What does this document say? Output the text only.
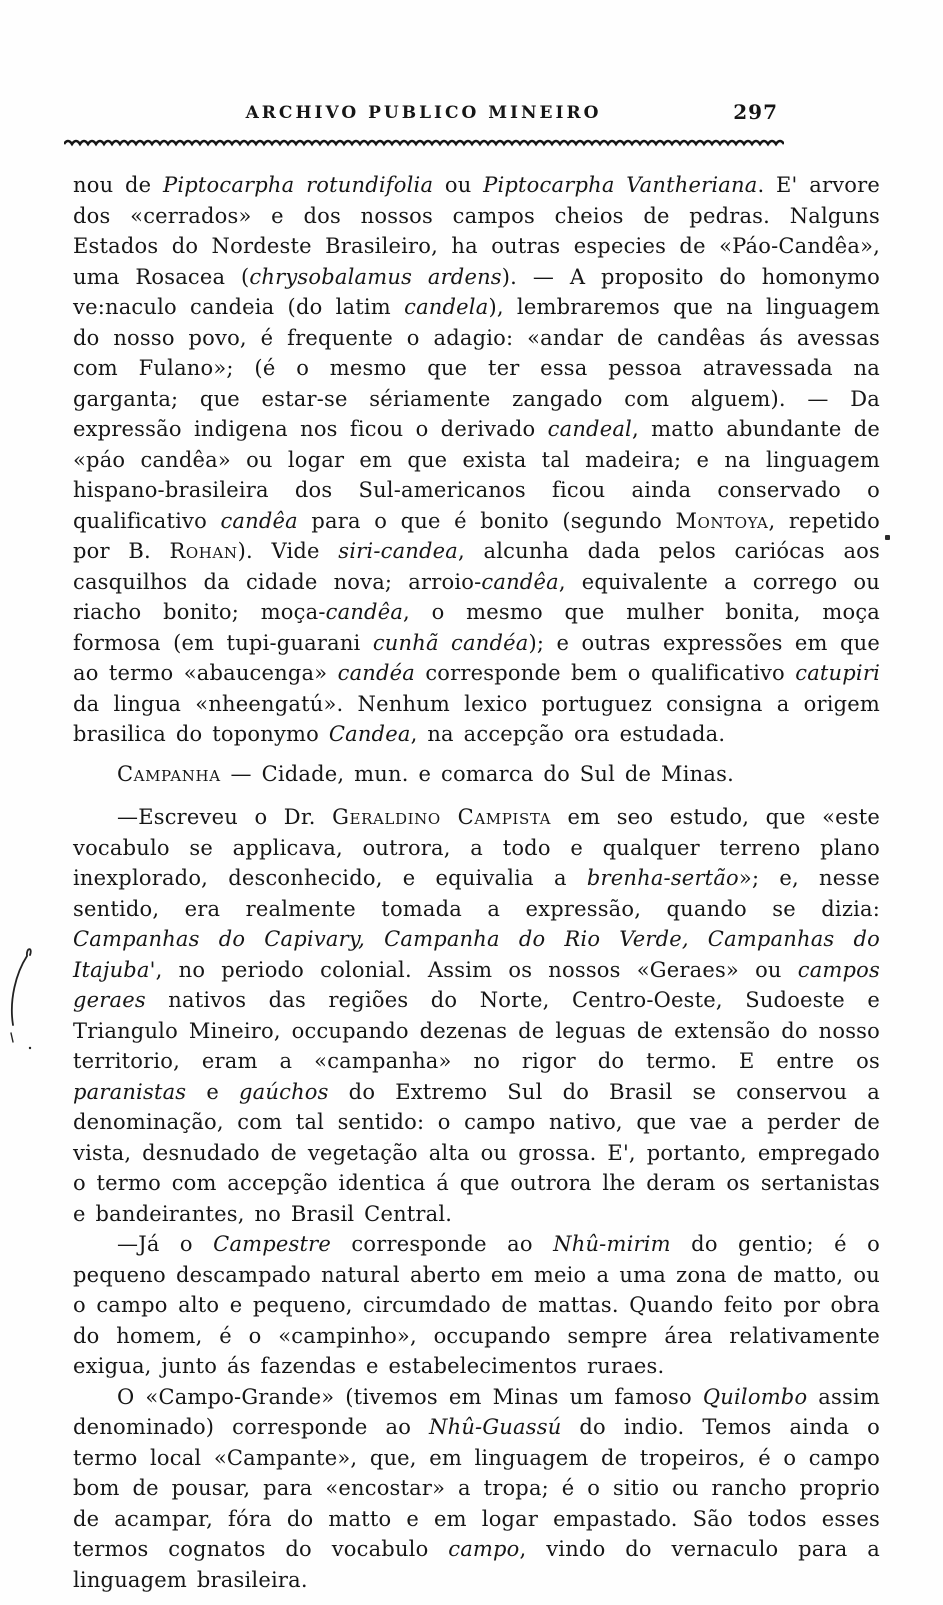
ARCHIVO PUBLICO MINEIRO	297

nou de Piptocarpha rotundifolia ou Piptocarpha Vantheriana. E' arvore dos «cerrados» e dos nossos campos cheios de pedras. Nalguns Estados do Nordeste Brasileiro, ha outras especies de «Páo-Candêa», uma Rosacea (chrysobalamus ardens). — A proposito do homonymo ve:naculo candeia (do latim candela), lembraremos que na linguagem do nosso povo, é frequente o adagio: «andar de candêas ás avessas com Fulano»; (é o mesmo que ter essa pessoa atravessada na garganta; que estar-se sériamente zangado com alguem). — Da expressão indigena nos ficou o derivado candeal, matto abundante de «páo candêa» ou logar em que exista tal madeira; e na linguagem hispano-brasileira dos Sul-americanos ficou ainda conservado o qualificativo candêa para o que é bonito (segundo Montoya, repetido por B. Rohan). Vide siri-candea, alcunha dada pelos cariócas aos casquilhos da cidade nova; arroio-candêa, equivalente a corrego ou riacho bonito; moça-candêa, o mesmo que mulher bonita, moça formosa (em tupi-guarani cunhã candéa); e outras expressões em que ao termo «abaucenga» candéa corresponde bem o qualificativo catupiri da lingua «nheengatú». Nenhum lexico portuguez consigna a origem brasilica do toponymo Candea, na accepção ora estudada.

Campanha — Cidade, mun. e comarca do Sul de Minas.

—Escreveu o Dr. Geraldino Campista em seo estudo, que «este vocabulo se applicava, outrora, a todo e qualquer terreno plano inexplorado, desconhecido, e equivalia a brenha-sertão»; e, nesse sentido, era realmente tomada a expressão, quando se dizia: Campanhas do Capivary, Campanha do Rio Verde, Campanhas do Itajuba', no periodo colonial. Assim os nossos «Geraes» ou campos geraes nativos das regiões do Norte, Centro-Oeste, Sudoeste e Triangulo Mineiro, occupando dezenas de leguas de extensão do nosso territorio, eram a «campanha» no rigor do termo. E entre os paranistas e gaúchos do Extremo Sul do Brasil se conservou a denominação, com tal sentido: o campo nativo, que vae a perder de vista, desnudado de vegetação alta ou grossa. E', portanto, empregado o termo com accepção identica á que outrora lhe deram os sertanistas e bandeirantes, no Brasil Central.

—Já o Campestre corresponde ao Nhû-mirim do gentio; é o pequeno descampado natural aberto em meio a uma zona de matto, ou o campo alto e pequeno, circumdado de mattas. Quando feito por obra do homem, é o «campinho», occupando sempre área relativamente exigua, junto ás fazendas e estabelecimentos ruraes.

O «Campo-Grande» (tivemos em Minas um famoso Quilombo assim denominado) corresponde ao Nhû-Guassú do indio. Temos ainda o termo local «Campante», que, em linguagem de tropeiros, é o campo bom de pousar, para «encostar» a tropa; é o sitio ou rancho proprio de acampar, fóra do matto e em logar empastado. São todos esses termos cognatos do vocabulo campo, vindo do vernaculo para a linguagem brasileira.
